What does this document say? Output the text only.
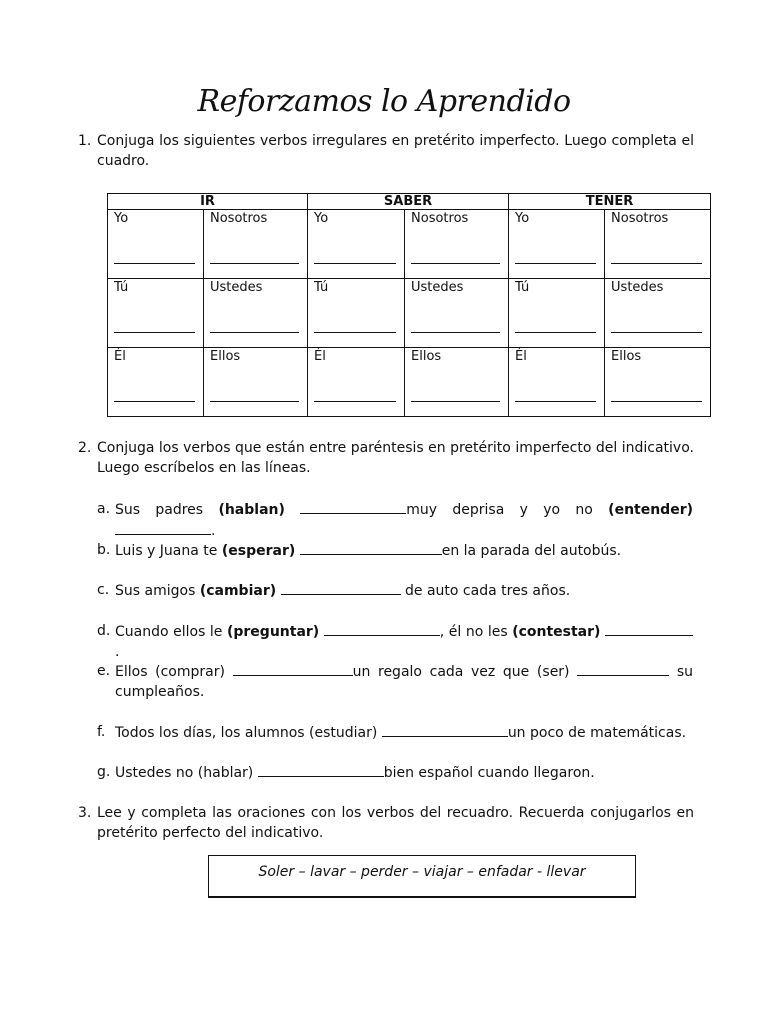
Reforzamos lo Aprendido
1. Conjuga los siguientes verbos irregulares en pretérito imperfecto. Luego completa el cuadro.
IR		SABER		TENER	
Yo	Nosotros	Yo	Nosotros	Yo	Nosotros

Tú	Ustedes	Tú	Ustedes	Tú	Ustedes

Él	Ellos	Él	Ellos	Él	Ellos
2. Conjuga los verbos que están entre paréntesis en pretérito imperfecto del indicativo. Luego escríbelos en las líneas.
a. Sus padres (hablan)	muy deprisa y yo no (entender) .
b. Luis y Juana te (esperar)	en la parada del autobús.
c. Sus amigos (cambiar)	de auto cada tres años.
d. Cuando ellos le (preguntar)	, él no les (contestar) .
e. Ellos (comprar)	un regalo cada vez que (ser)	su cumpleaños.
f. Todos los días, los alumnos (estudiar)	un poco de matemáticas.
g. Ustedes no (hablar)	bien español cuando llegaron.
3. Lee y completa las oraciones con los verbos del recuadro. Recuerda conjugarlos en pretérito perfecto del indicativo.
Soler – lavar – perder – viajar – enfadar - llevar
